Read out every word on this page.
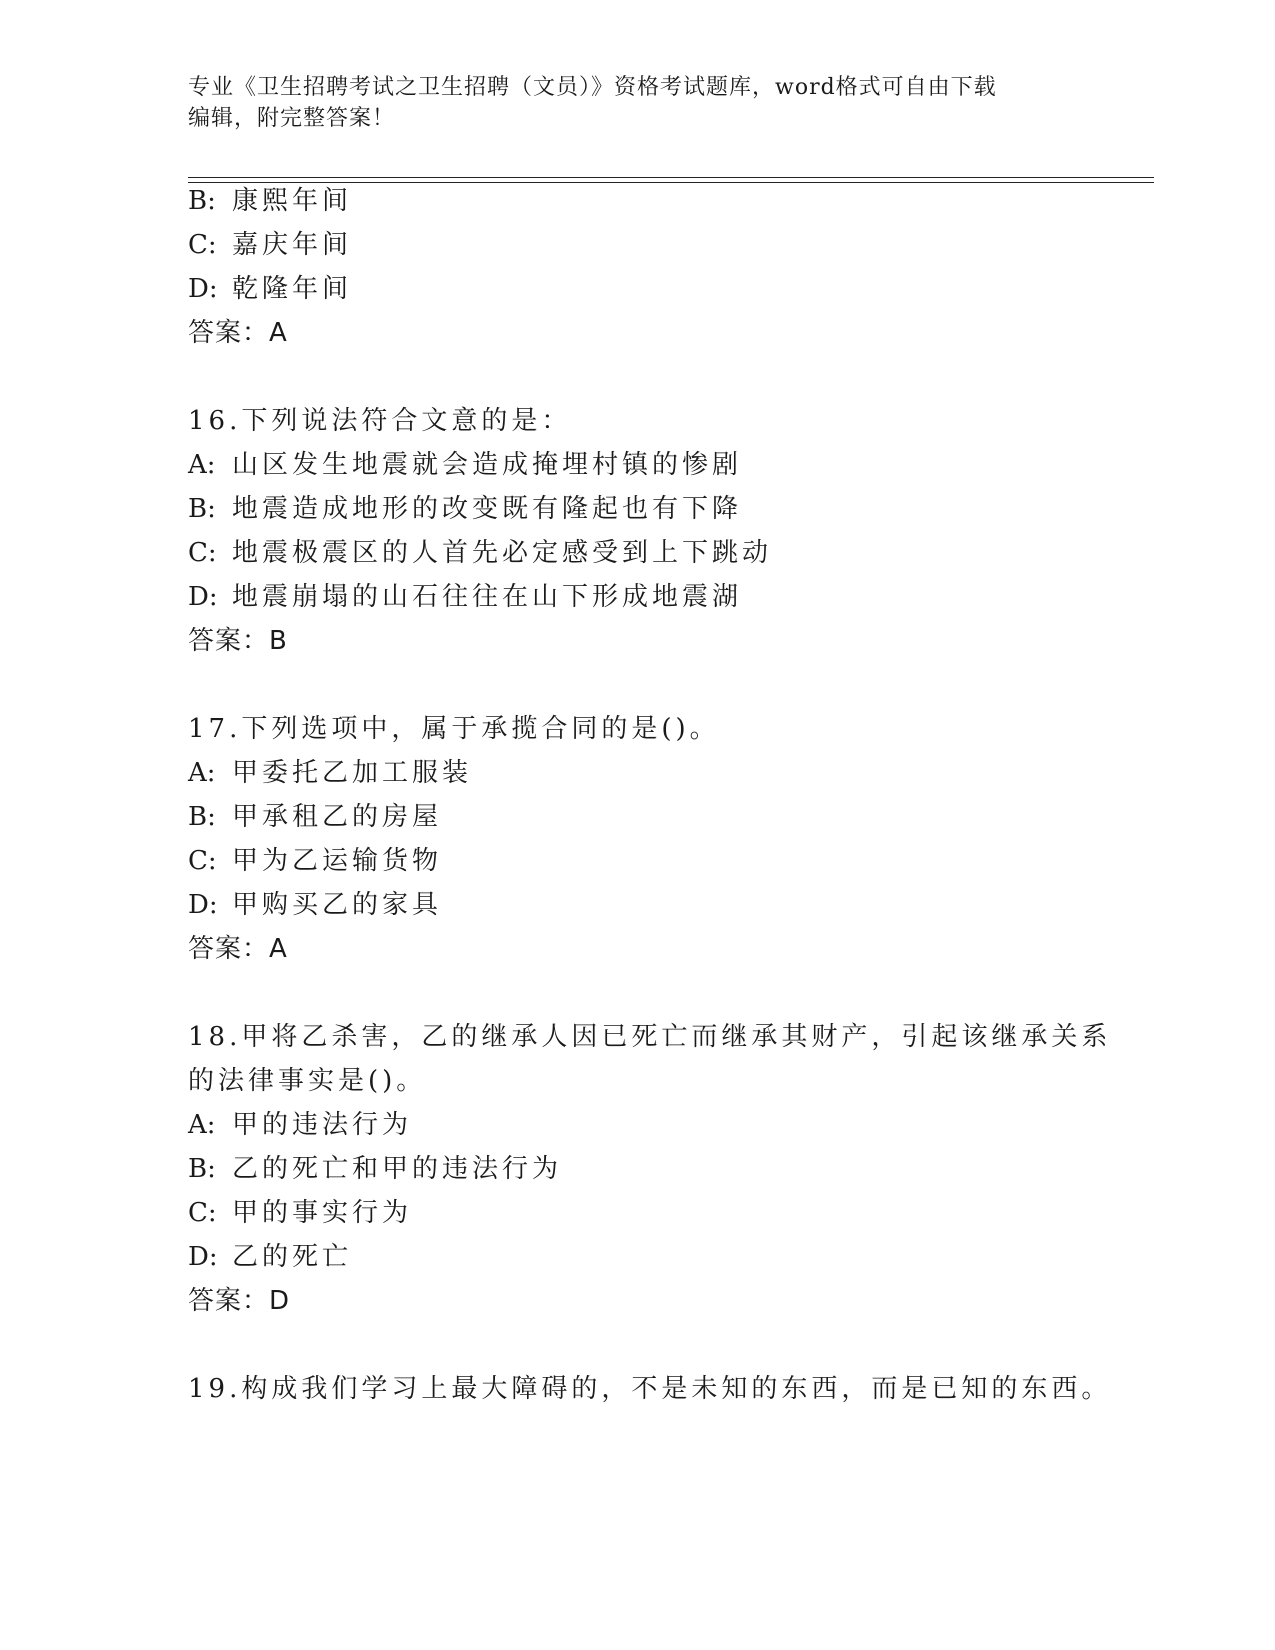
专业《卫生招聘考试之卫生招聘（文员）》资格考试题库，word格式可自由下载
编辑，附完整答案！
B: 康熙年间
C: 嘉庆年间
D: 乾隆年间
答案：A
16.下列说法符合文意的是：
A: 山区发生地震就会造成掩埋村镇的惨剧
B: 地震造成地形的改变既有隆起也有下降
C: 地震极震区的人首先必定感受到上下跳动
D: 地震崩塌的山石往往在山下形成地震湖
答案：B
17.下列选项中，属于承揽合同的是()。
A: 甲委托乙加工服装
B: 甲承租乙的房屋
C: 甲为乙运输货物
D: 甲购买乙的家具
答案：A
18.甲将乙杀害，乙的继承人因已死亡而继承其财产，引起该继承关系
的法律事实是()。
A: 甲的违法行为
B: 乙的死亡和甲的违法行为
C: 甲的事实行为
D: 乙的死亡
答案：D
19.构成我们学习上最大障碍的，不是未知的东西，而是已知的东西。
